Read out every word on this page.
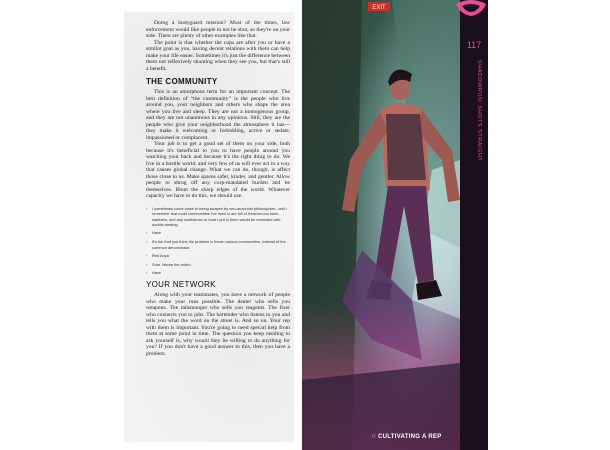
Doing a bodyguard mission? Most of the times, law enforcement would like people to not be shot, so they're on your side. There are plenty of other examples like that.

The point is that whether the cops are after you or have a similar goal as you, having decent relations with them can help make your life easier. Sometimes it's just the difference between them not reflexively shooting when they see you, but that's still a benefit.

THE COMMUNITY

This is an amorphous term for an important concept. The best definition of “the community” is the people who live around you, your neighbors and others who shape the area where you live and sleep. They are not a homogenous group, and they are not unanimous in any opinions. Still, they are the people who give your neighborhood the atmosphere it has—they make it welcoming or forbidding, active or sedate, impassioned or complacent.

Your job is to get a good set of them on your side, both because it's beneficial to you to have people around you watching your back and because it's the right thing to do. We live in a hostile world, and very few of us will ever act in a way that causes global change. What we can do, though, is affect those close to us. Make spaces safer, kinder, and gentler. Allow people to shrug off any corp-mandated burden and be themselves. Blunt the sharp edges of the world. Whatever capacity we have to do this, we should use.

› I sometimes come close to being swayed by neo-anarchist philosophies, until I remember that most communities I've lived in are full of treacherous back-stabbers, and any confidence or trust I put in them would be rewarded with double-dealing.
› Haze
› It's fun that you think the problem is these various communities, instead of the common denominator.
› Red Anya
› Sure, blame the victim.
› Haze
YOUR NETWORK

Along with your teammates, you have a network of people who make your runs possible. The dealer who sells you weapons. The talismonger who sells you reagents. The fixer who connects you to jobs. The bartender who listens to you and tells you what the word on the street is. And so on. Your rep with them is important. You're going to need special help from them at some point in time. The question you keep needing to ask yourself is, why would they be willing to do anything for you? If you don't have a good answer to this, then you have a problem.

EXIT
117
SHADOWRUN: SHOTS STRAIGHT
// CULTIVATING A REP
